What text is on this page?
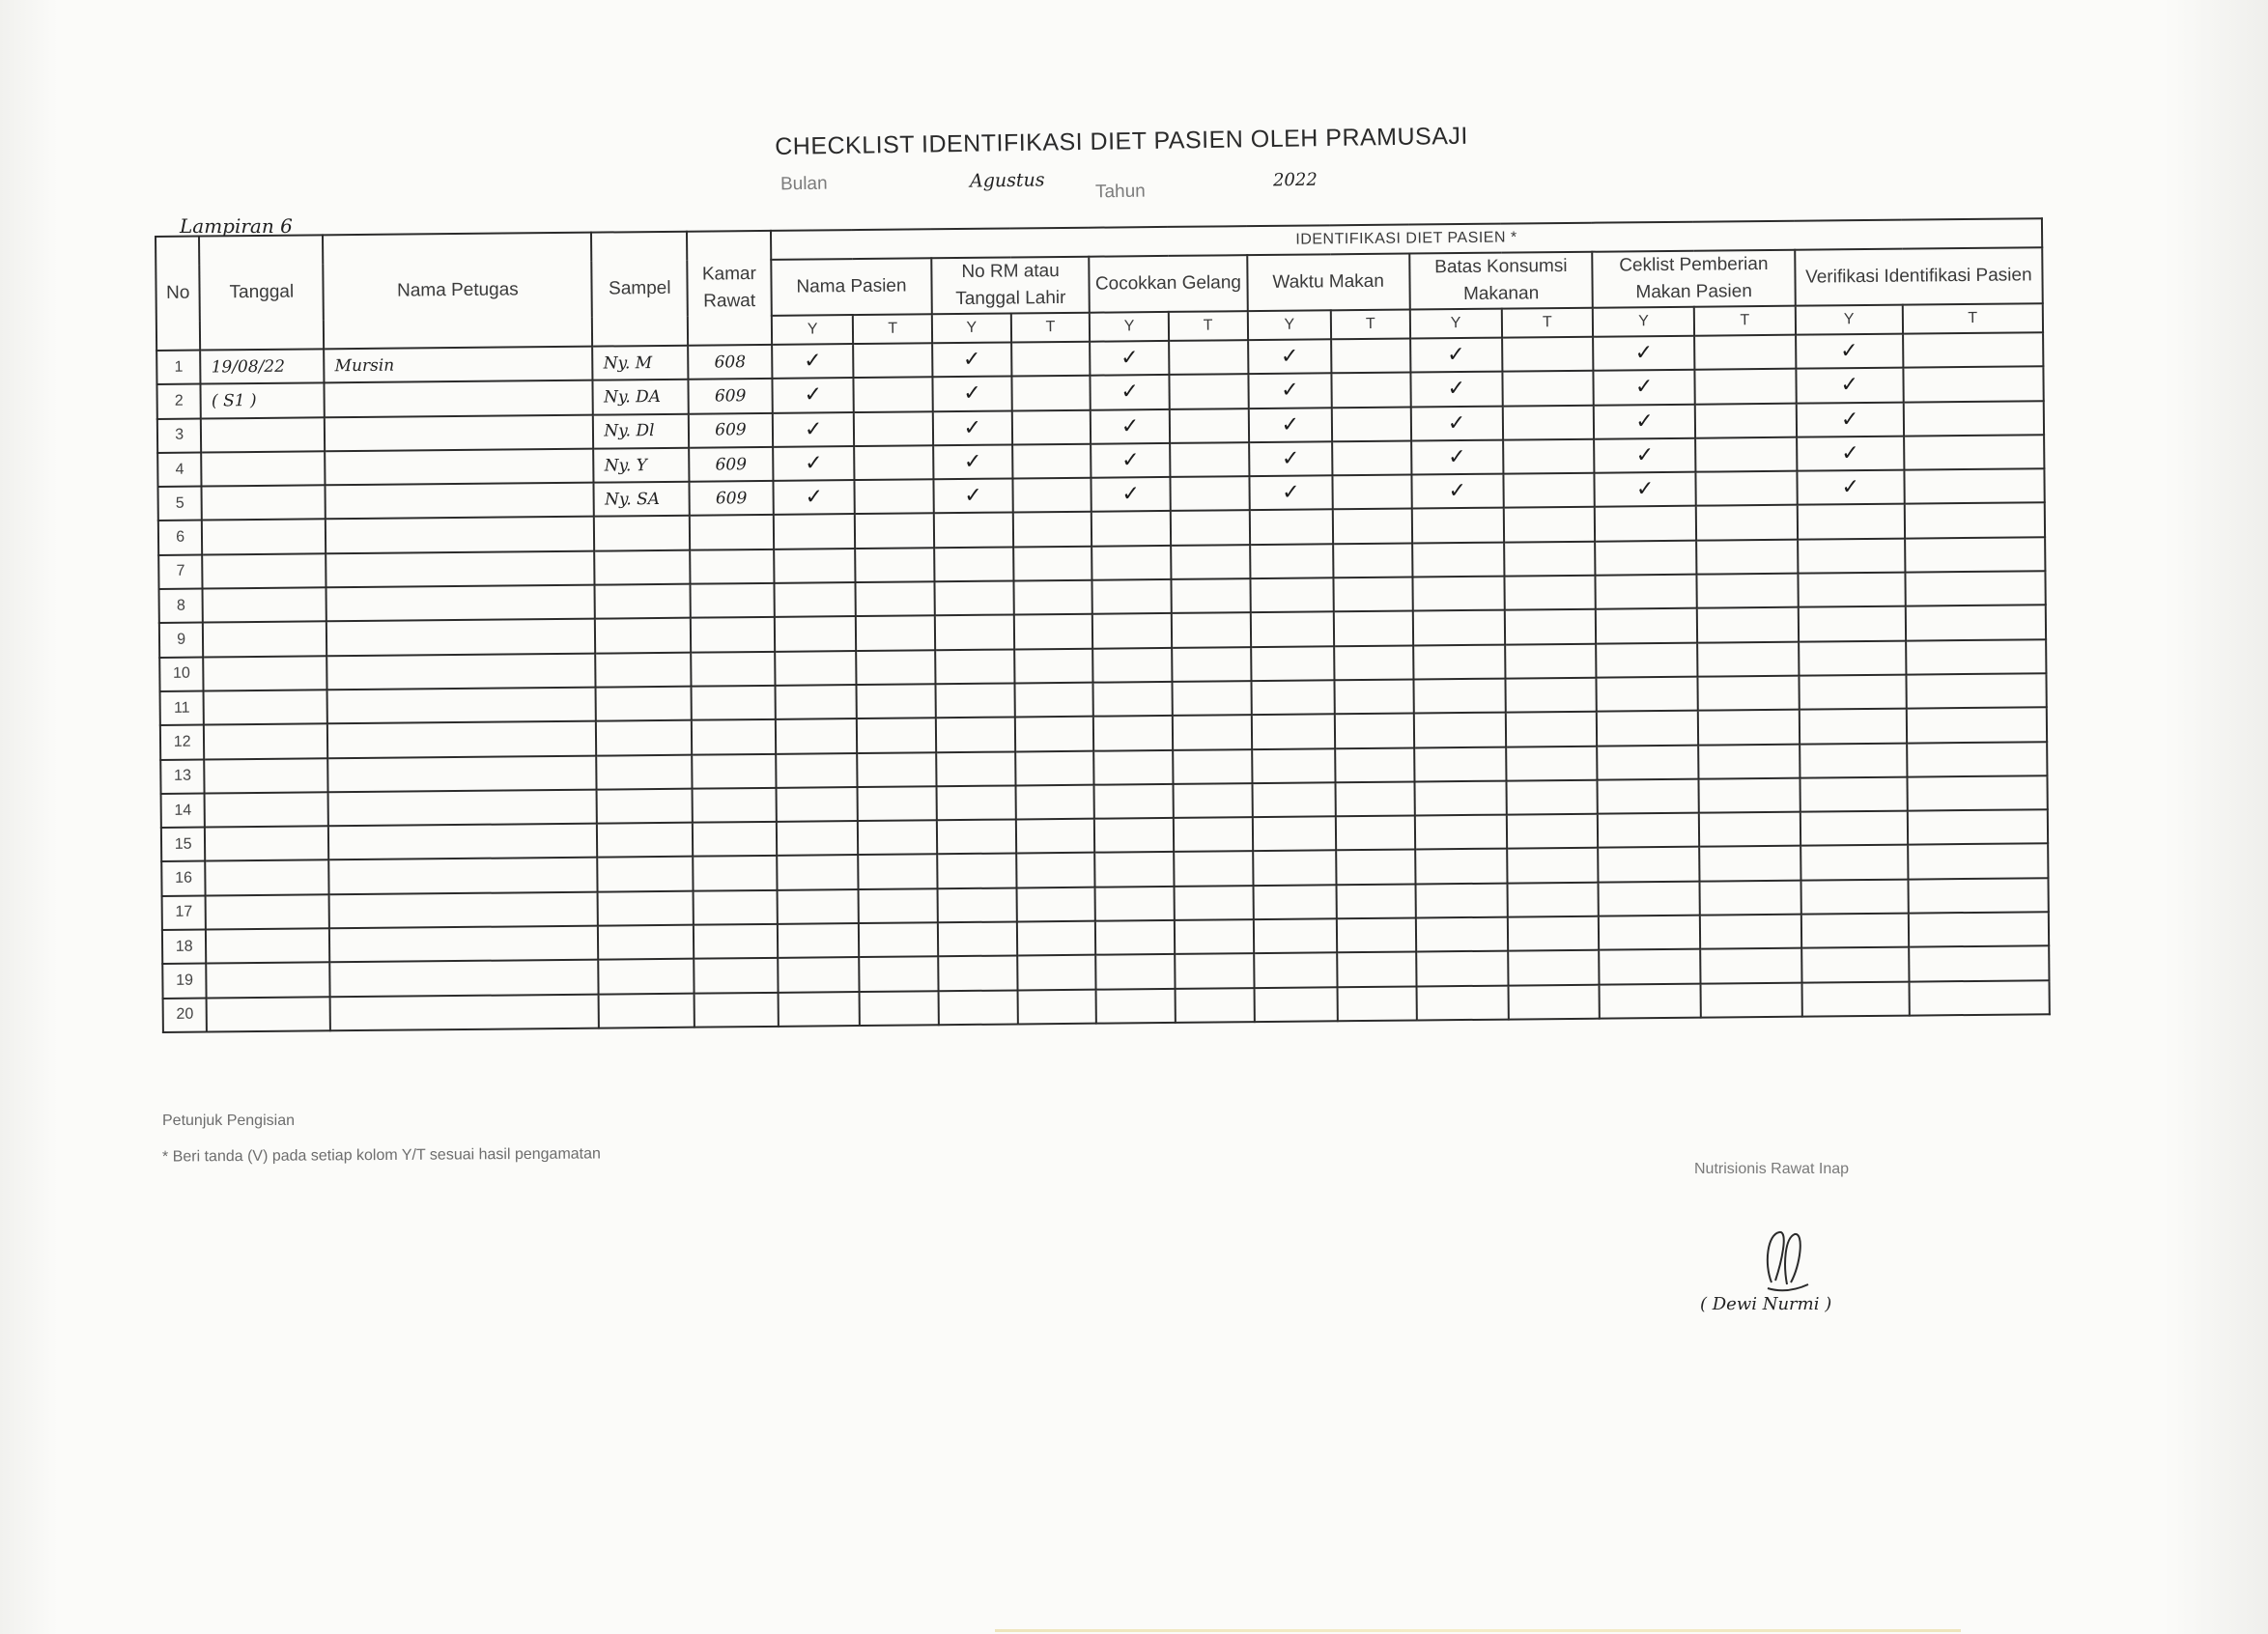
CHECKLIST IDENTIFIKASI DIET PASIEN OLEH PRAMUSAJI
Bulan	Agustus	Tahun
2022
Lampiran 6
No	Tanggal	Nama Petugas	Sampel	Kamar Rawat	IDENTIFIKASI DIET PASIEN *													
					Nama Pasien		No RM atau Tanggal Lahir		Cocokkan Gelang		Waktu Makan		Batas Konsumsi Makanan		Ceklist Pemberian Makan Pasien		Verifikasi Identifikasi Pasien	
					Y	T	Y	T	Y	T	Y	T	Y	T	Y	T	Y	T
1	19/08/22	Mursin	Ny. M	608	✓		✓		✓		✓		✓		✓		✓	
2	( S1 )		Ny. DA	609	✓		✓		✓		✓		✓		✓		✓	
3			Ny. Dl	609	✓		✓		✓		✓		✓		✓		✓	
4			Ny. Y	609	✓		✓		✓		✓		✓		✓		✓	
5			Ny. SA	609	✓		✓		✓		✓		✓		✓		✓	
6																		
7																		
8																		
9																		
10																		
11																		
12																		
13																		
14																		
15																		
16																		
17																		
18																		
19																		
20																		
Petunjuk Pengisian
* Beri tanda (V) pada setiap kolom Y/T sesuai hasil pengamatan
Nutrisionis Rawat Inap
( Dewi Nurmi )
